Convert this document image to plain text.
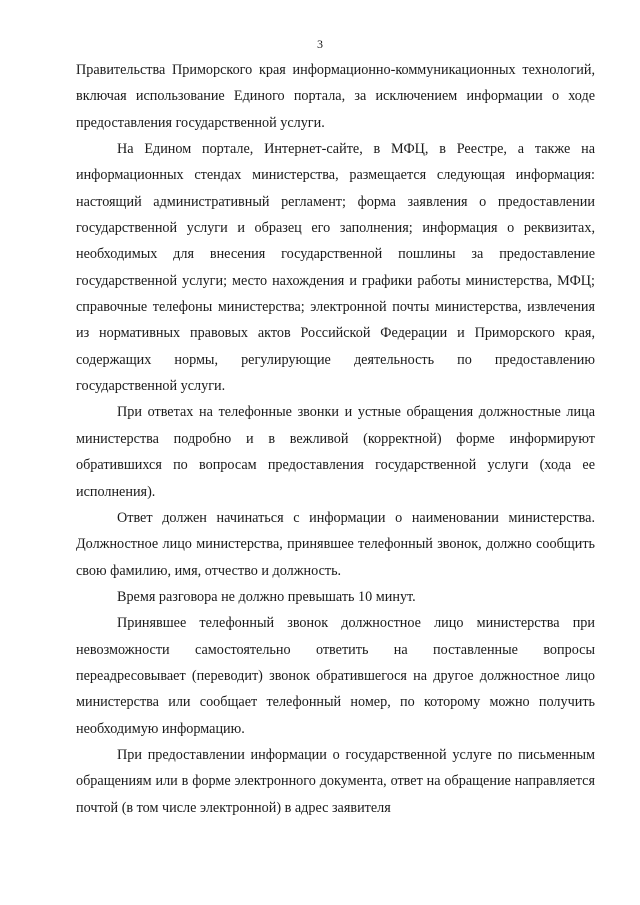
3

Правительства Приморского края информационно-коммуникационных технологий, включая использование Единого портала, за исключением информации о ходе предоставления государственной услуги.

На Едином портале, Интернет-сайте, в МФЦ, в Реестре, а также на информационных стендах министерства, размещается следующая информация: настоящий административный регламент; форма заявления о предоставлении государственной услуги и образец его заполнения; информация о реквизитах, необходимых для внесения государственной пошлины за предоставление государственной услуги; место нахождения и графики работы министерства, МФЦ; справочные телефоны министерства; электронной почты министерства, извлечения из нормативных правовых актов Российской Федерации и Приморского края, содержащих нормы, регулирующие деятельность по предоставлению государственной услуги.

При ответах на телефонные звонки и устные обращения должностные лица министерства подробно и в вежливой (корректной) форме информируют обратившихся по вопросам предоставления государственной услуги (хода ее исполнения).

Ответ должен начинаться с информации о наименовании министерства. Должностное лицо министерства, принявшее телефонный звонок, должно сообщить свою фамилию, имя, отчество и должность.

Время разговора не должно превышать 10 минут.

Принявшее телефонный звонок должностное лицо министерства при невозможности самостоятельно ответить на поставленные вопросы переадресовывает (переводит) звонок обратившегося на другое должностное лицо министерства или сообщает телефонный номер, по которому можно получить необходимую информацию.

При предоставлении информации о государственной услуге по письменным обращениям или в форме электронного документа, ответ на обращение направляется почтой (в том числе электронной) в адрес заявителя
